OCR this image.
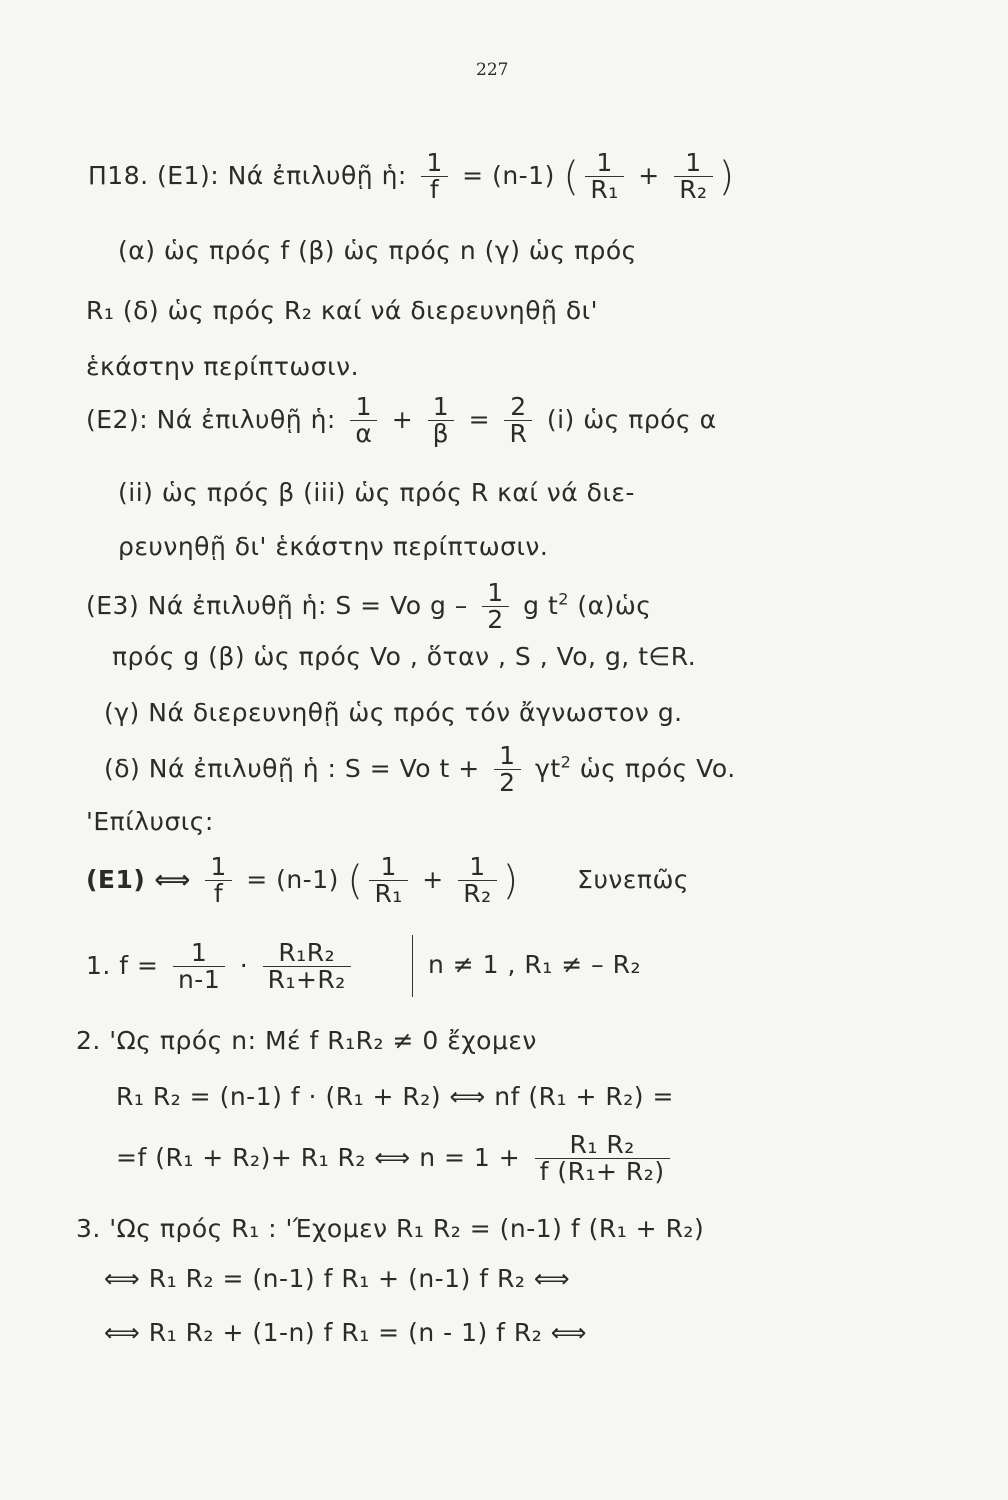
227
Π18. (Ε1): Νά ἐπιλυθῇ ἡ: $\frac{1}{f} = (n-1)$ ( $\frac{1}{\text{R₁}} + \frac{1}{\text{R₂}}$ )
(α) ὡς πρός f (β) ὡς πρός n (γ) ὡς πρός
R₁ (δ) ὡς πρός R₂ καί νά διερευνηθῇ δι'
ἑκάστην περίπτωσιν.
(Ε2): Νά ἐπιλυθῇ ἡ: $\frac{1}{\alpha} + \frac{1}{\beta} = \frac{2}{R} (i)$ ὡς πρός α
(ii) ὡς πρός β (iii) ὡς πρός R καί νά διε-
ρευνηθῇ δι' ἑκάστην περίπτωσιν.
(Ε3) Νά ἐπιλυθῇ ἡ: S = Vo g – $\frac{1}{2}$ g $t^2$ (α)ὡς
πρός g (β) ὡς πρός Vo , ὅταν , S , Vo, g, t∈R.
(γ) Νά διερευνηθῇ ὡς πρός τόν ἄγνωστον g.
(δ) Νά ἐπιλυθῇ ἡ : S = Vo $t + \frac{1}{2} \gamma t^2$ ὡς πρός Vo.
'Επίλυσις:
(Ε1) ⟺ $\frac{1}{f} = (n-1)$ ( $\frac{1}{\text{R₁}} + \frac{1}{\text{R₂}}$ ) Συνεπῶς
1. $f = \frac{1}{n-1} \cdot \frac{\text{R₁R₂}}{\text{R₁+R₂}}$	n ≠ 1 , R₁ ≠ – R₂
2. 'Ως πρός n: Μέ f R₁R₂ ≠ 0 ἔχομεν
R₁ R₂ = (n-1) f · (R₁ + R₂) ⟺ nf (R₁ + R₂) =
=f (R₁ + R₂)+ R₁ R₂ ⟺ $n = 1 + \frac{\text{R₁ R₂}}{\text{f (R₁+ R₂)}}$
3. 'Ως πρός R₁ : 'Έχομεν R₁ R₂ = (n-1) f (R₁ + R₂)
⟺ R₁ R₂ = (n-1) f R₁ + (n-1) f R₂ ⟺
⟺ R₁ R₂ + (1-n) f R₁ = (n - 1) f R₂ ⟺
